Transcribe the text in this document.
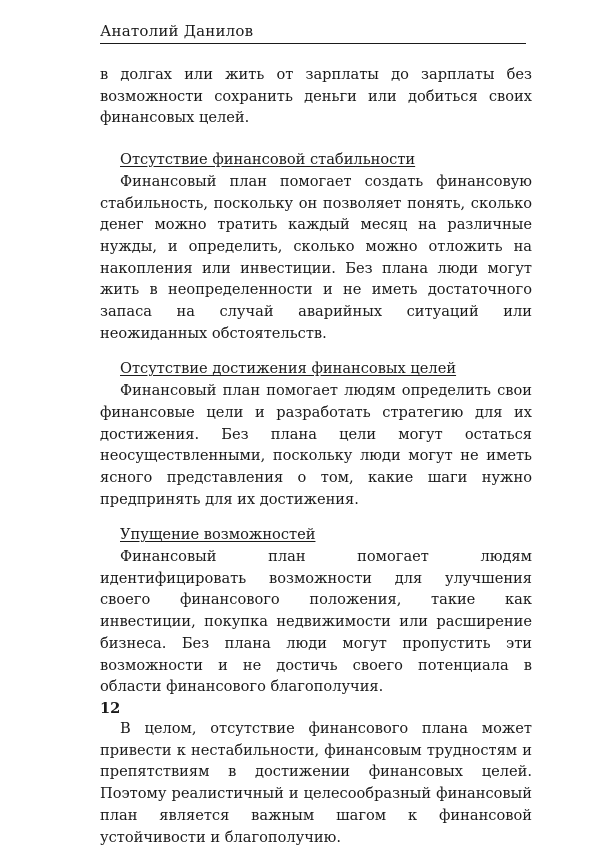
Анатолий Данилов

в долгах или жить от зарплаты до зарплаты без возможности сохранить деньги или добиться своих финансовых целей.

Отсутствие финансовой стабильности

Финансовый план помогает создать финансовую стабильность, поскольку он позволяет понять, сколько денег можно тратить каждый месяц на различные нужды, и определить, сколько можно отложить на накопления или инвестиции. Без плана люди могут жить в неопределенности и не иметь достаточного запаса на случай аварийных ситуаций или неожиданных обстоятельств.

Отсутствие достижения финансовых целей

Финансовый план помогает людям определить свои финансовые цели и разработать стратегию для их достижения. Без плана цели могут остаться неосуществленными, поскольку люди могут не иметь ясного представления о том, какие шаги нужно предпринять для их достижения.

Упущение возможностей

Финансовый план помогает людям идентифицировать возможности для улучшения своего финансового положения, такие как инвестиции, покупка недвижимости или расширение бизнеса. Без плана люди могут пропустить эти возможности и не достичь своего потенциала в области финансового благополучия.

В целом, отсутствие финансового плана может привести к нестабильности, финансовым трудностям и препятствиям в достижении финансовых целей. Поэтому реалистичный и целесообразный финансовый план является важным шагом к финансовой устойчивости и благополучию.

12
